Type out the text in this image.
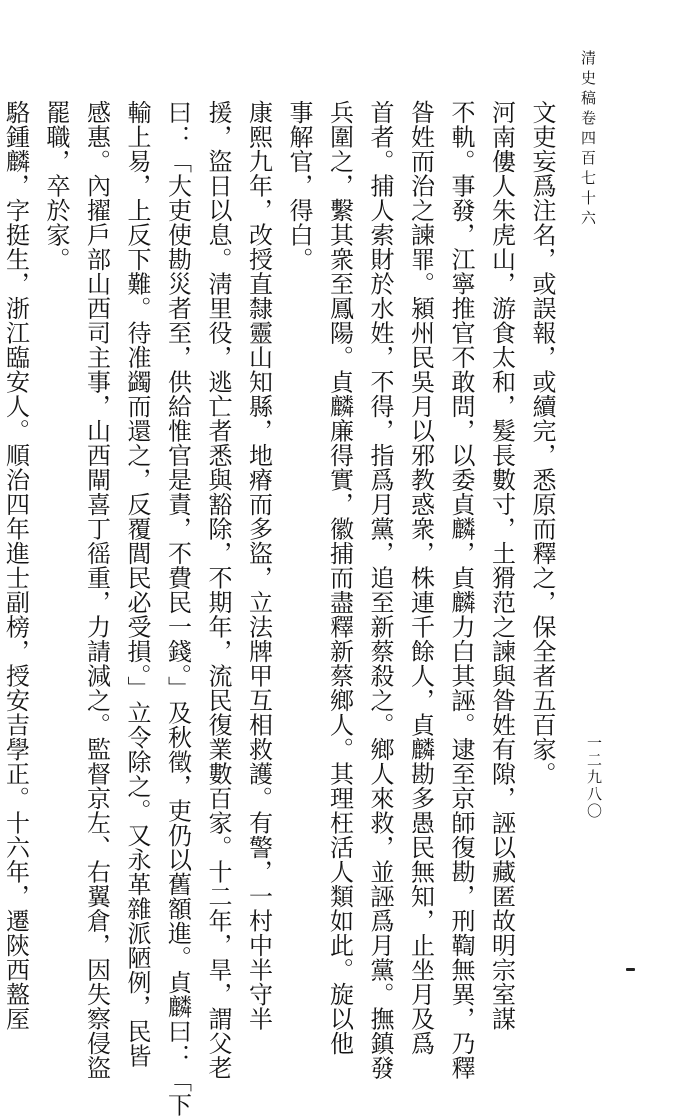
清史稿卷四百七十六
一二九八〇
文吏妄爲注名，或誤報，或續完，悉原而釋之，保全者五百家。
河南僂人朱虎山，游食太和，髮長數寸，土猾范之諫與昝姓有隙，誣以藏匿故明宗室謀
不軌。事發，江寧推官不敢問，以委貞麟，貞麟力白其誣。逮至京師復勘，刑鞫無異，乃釋
昝姓而治之諫罪。潁州民吳月以邪教惑衆，株連千餘人，貞麟勘多愚民無知，止坐月及爲
首者。捕人索財於水姓，不得，指爲月黨，追至新蔡殺之。鄉人來救，並誣爲月黨。撫鎮發
兵圍之，繫其衆至鳳陽。貞麟廉得實，徽捕而盡釋新蔡鄉人。其理枉活人類如此。旋以他
事解官，得白。
康熙九年，改授直隸靈山知縣，地瘠而多盜，立法牌甲互相救護。有警，一村中半守半
援，盜日以息。淸里役，逃亡者悉與豁除，不期年，流民復業數百家。十二年，旱，謂父老
曰：「大吏使勘災者至，供給惟官是責，不費民一錢。」及秋徵，吏仍以舊額進。貞麟曰：「下
輸上易，上反下難。待准蠲而還之，反覆閭民必受損。」立令除之。又永革雜派陋例，民皆
感惠。內擢戶部山西司主事，山西閘喜丁徭重，力請減之。監督京左、右翼倉，因失察侵盜
罷職，卒於家。
駱鍾麟，字挺生，浙江臨安人。順治四年進士副榜，授安吉學正。十六年，遷陝西盩厔
